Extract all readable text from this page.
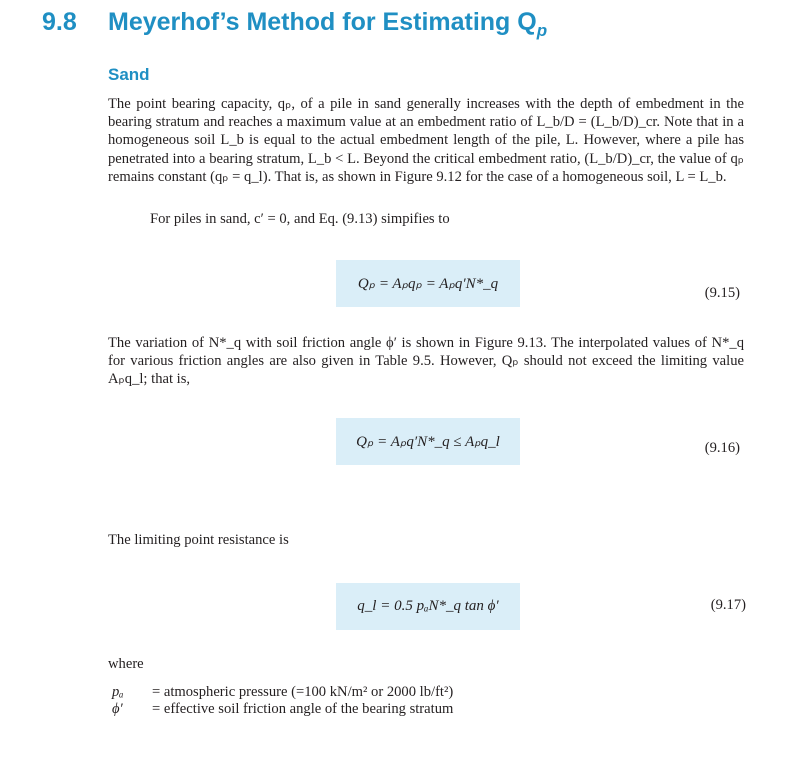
9.8 Meyerhof’s Method for Estimating $Q_p$
Sand

The point bearing capacity, qₚ, of a pile in sand generally increases with the depth of embedment in the bearing stratum and reaches a maximum value at an embedment ratio of L_b/D = (L_b/D)_cr. Note that in a homogeneous soil L_b is equal to the actual embedment length of the pile, L. However, where a pile has penetrated into a bearing stratum, L_b < L. Beyond the critical embedment ratio, (L_b/D)_cr, the value of qₚ remains constant (qₚ = q_l). That is, as shown in Figure 9.12 for the case of a homogeneous soil, L = L_b.

For piles in sand, c′ = 0, and Eq. (9.13) simpifies to

Qₚ = Aₚqₚ = Aₚq′N*_q
(9.15)

The variation of N*_q with soil friction angle ϕ′ is shown in Figure 9.13. The interpolated values of N*_q for various friction angles are also given in Table 9.5. However, Qₚ should not exceed the limiting value Aₚq_l; that is,

Qₚ = Aₚq′N*_q ≤ Aₚq_l	(9.16)

The limiting point resistance is

q_l = 0.5 pₐN*_q tan ϕ′	(9.17)

where

pₐ = atmospheric pressure (=100 kN/m² or 2000 lb/ft²)
ϕ′ = effective soil friction angle of the bearing stratum
